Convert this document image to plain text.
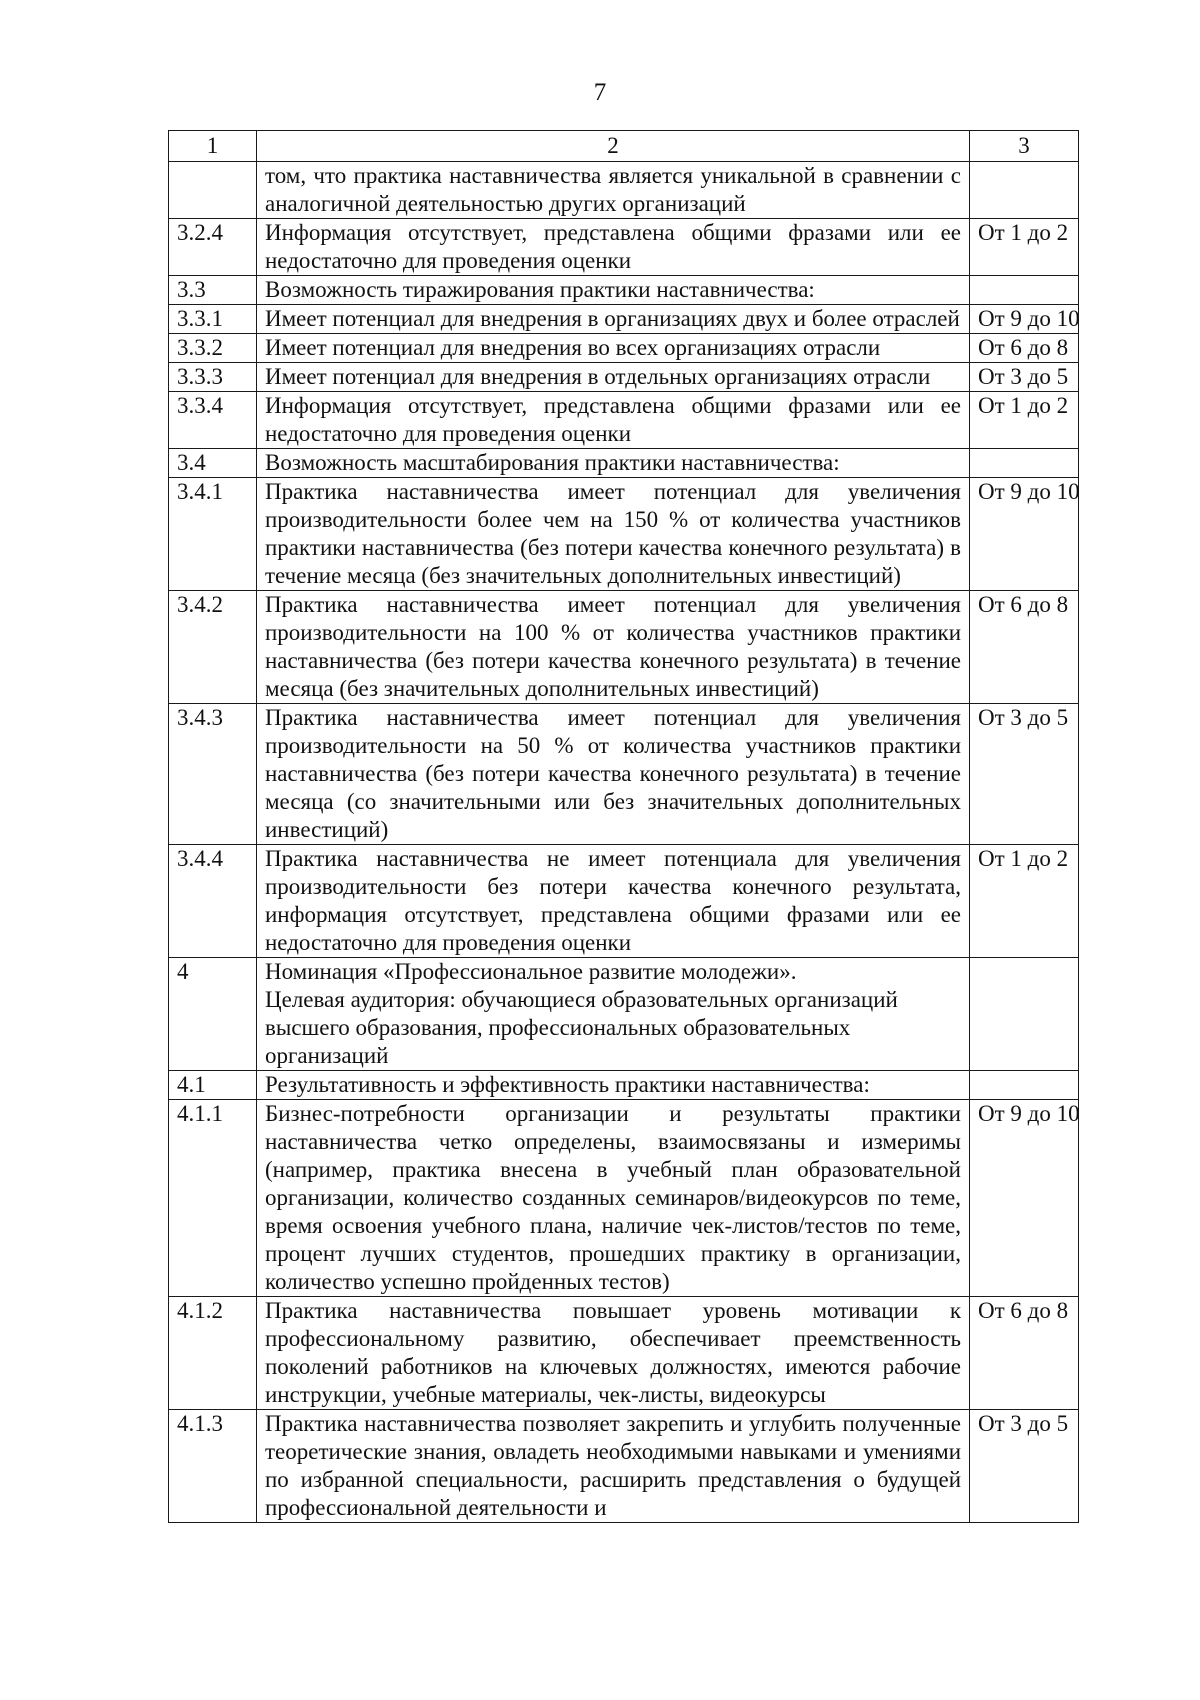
7
1	2	3
	том, что практика наставничества является уникальной в сравнении с аналогичной деятельностью других организаций	
3.2.4	Информация отсутствует, представлена общими фразами или ее недостаточно для проведения оценки	От 1 до 2
3.3	Возможность тиражирования практики наставничества:	
3.3.1	Имеет потенциал для внедрения в организациях двух и более отраслей	От 9 до 10
3.3.2	Имеет потенциал для внедрения во всех организациях отрасли	От 6 до 8
3.3.3	Имеет потенциал для внедрения в отдельных организациях отрасли	От 3 до 5
3.3.4	Информация отсутствует, представлена общими фразами или ее недостаточно для проведения оценки	От 1 до 2
3.4	Возможность масштабирования практики наставничества:	
3.4.1	Практика наставничества имеет потенциал для увеличения производительности более чем на 150 % от количества участников практики наставничества (без потери качества конечного результата) в течение месяца (без значительных дополнительных инвестиций)	От 9 до 10
3.4.2	Практика наставничества имеет потенциал для увеличения производительности на 100 % от количества участников практики наставничества (без потери качества конечного результата) в течение месяца (без значительных дополнительных инвестиций)	От 6 до 8
3.4.3	Практика наставничества имеет потенциал для увеличения производительности на 50 % от количества участников практики наставничества (без потери качества конечного результата) в течение месяца (со значительными или без значительных дополнительных инвестиций)	От 3 до 5
3.4.4	Практика наставничества не имеет потенциала для увеличения производительности без потери качества конечного результата, информация отсутствует, представлена общими фразами или ее недостаточно для проведения оценки	От 1 до 2
4	Номинация «Профессиональное развитие молодежи».
Целевая аудитория: обучающиеся образовательных организаций высшего образования, профессиональных образовательных организаций	
4.1	Результативность и эффективность практики наставничества:	
4.1.1	Бизнес-потребности организации и результаты практики наставничества четко определены, взаимосвязаны и измеримы (например, практика внесена в учебный план образовательной организации, количество созданных семинаров/видеокурсов по теме, время освоения учебного плана, наличие чек-листов/тестов по теме, процент лучших студентов, прошедших практику в организации, количество успешно пройденных тестов)	От 9 до 10
4.1.2	Практика наставничества повышает уровень мотивации к профессиональному развитию, обеспечивает преемственность поколений работников на ключевых должностях, имеются рабочие инструкции, учебные материалы, чек-листы, видеокурсы	От 6 до 8
4.1.3	Практика наставничества позволяет закрепить и углубить полученные теоретические знания, овладеть необходимыми навыками и умениями по избранной специальности, расширить представления о будущей профессиональной деятельности и	От 3 до 5
